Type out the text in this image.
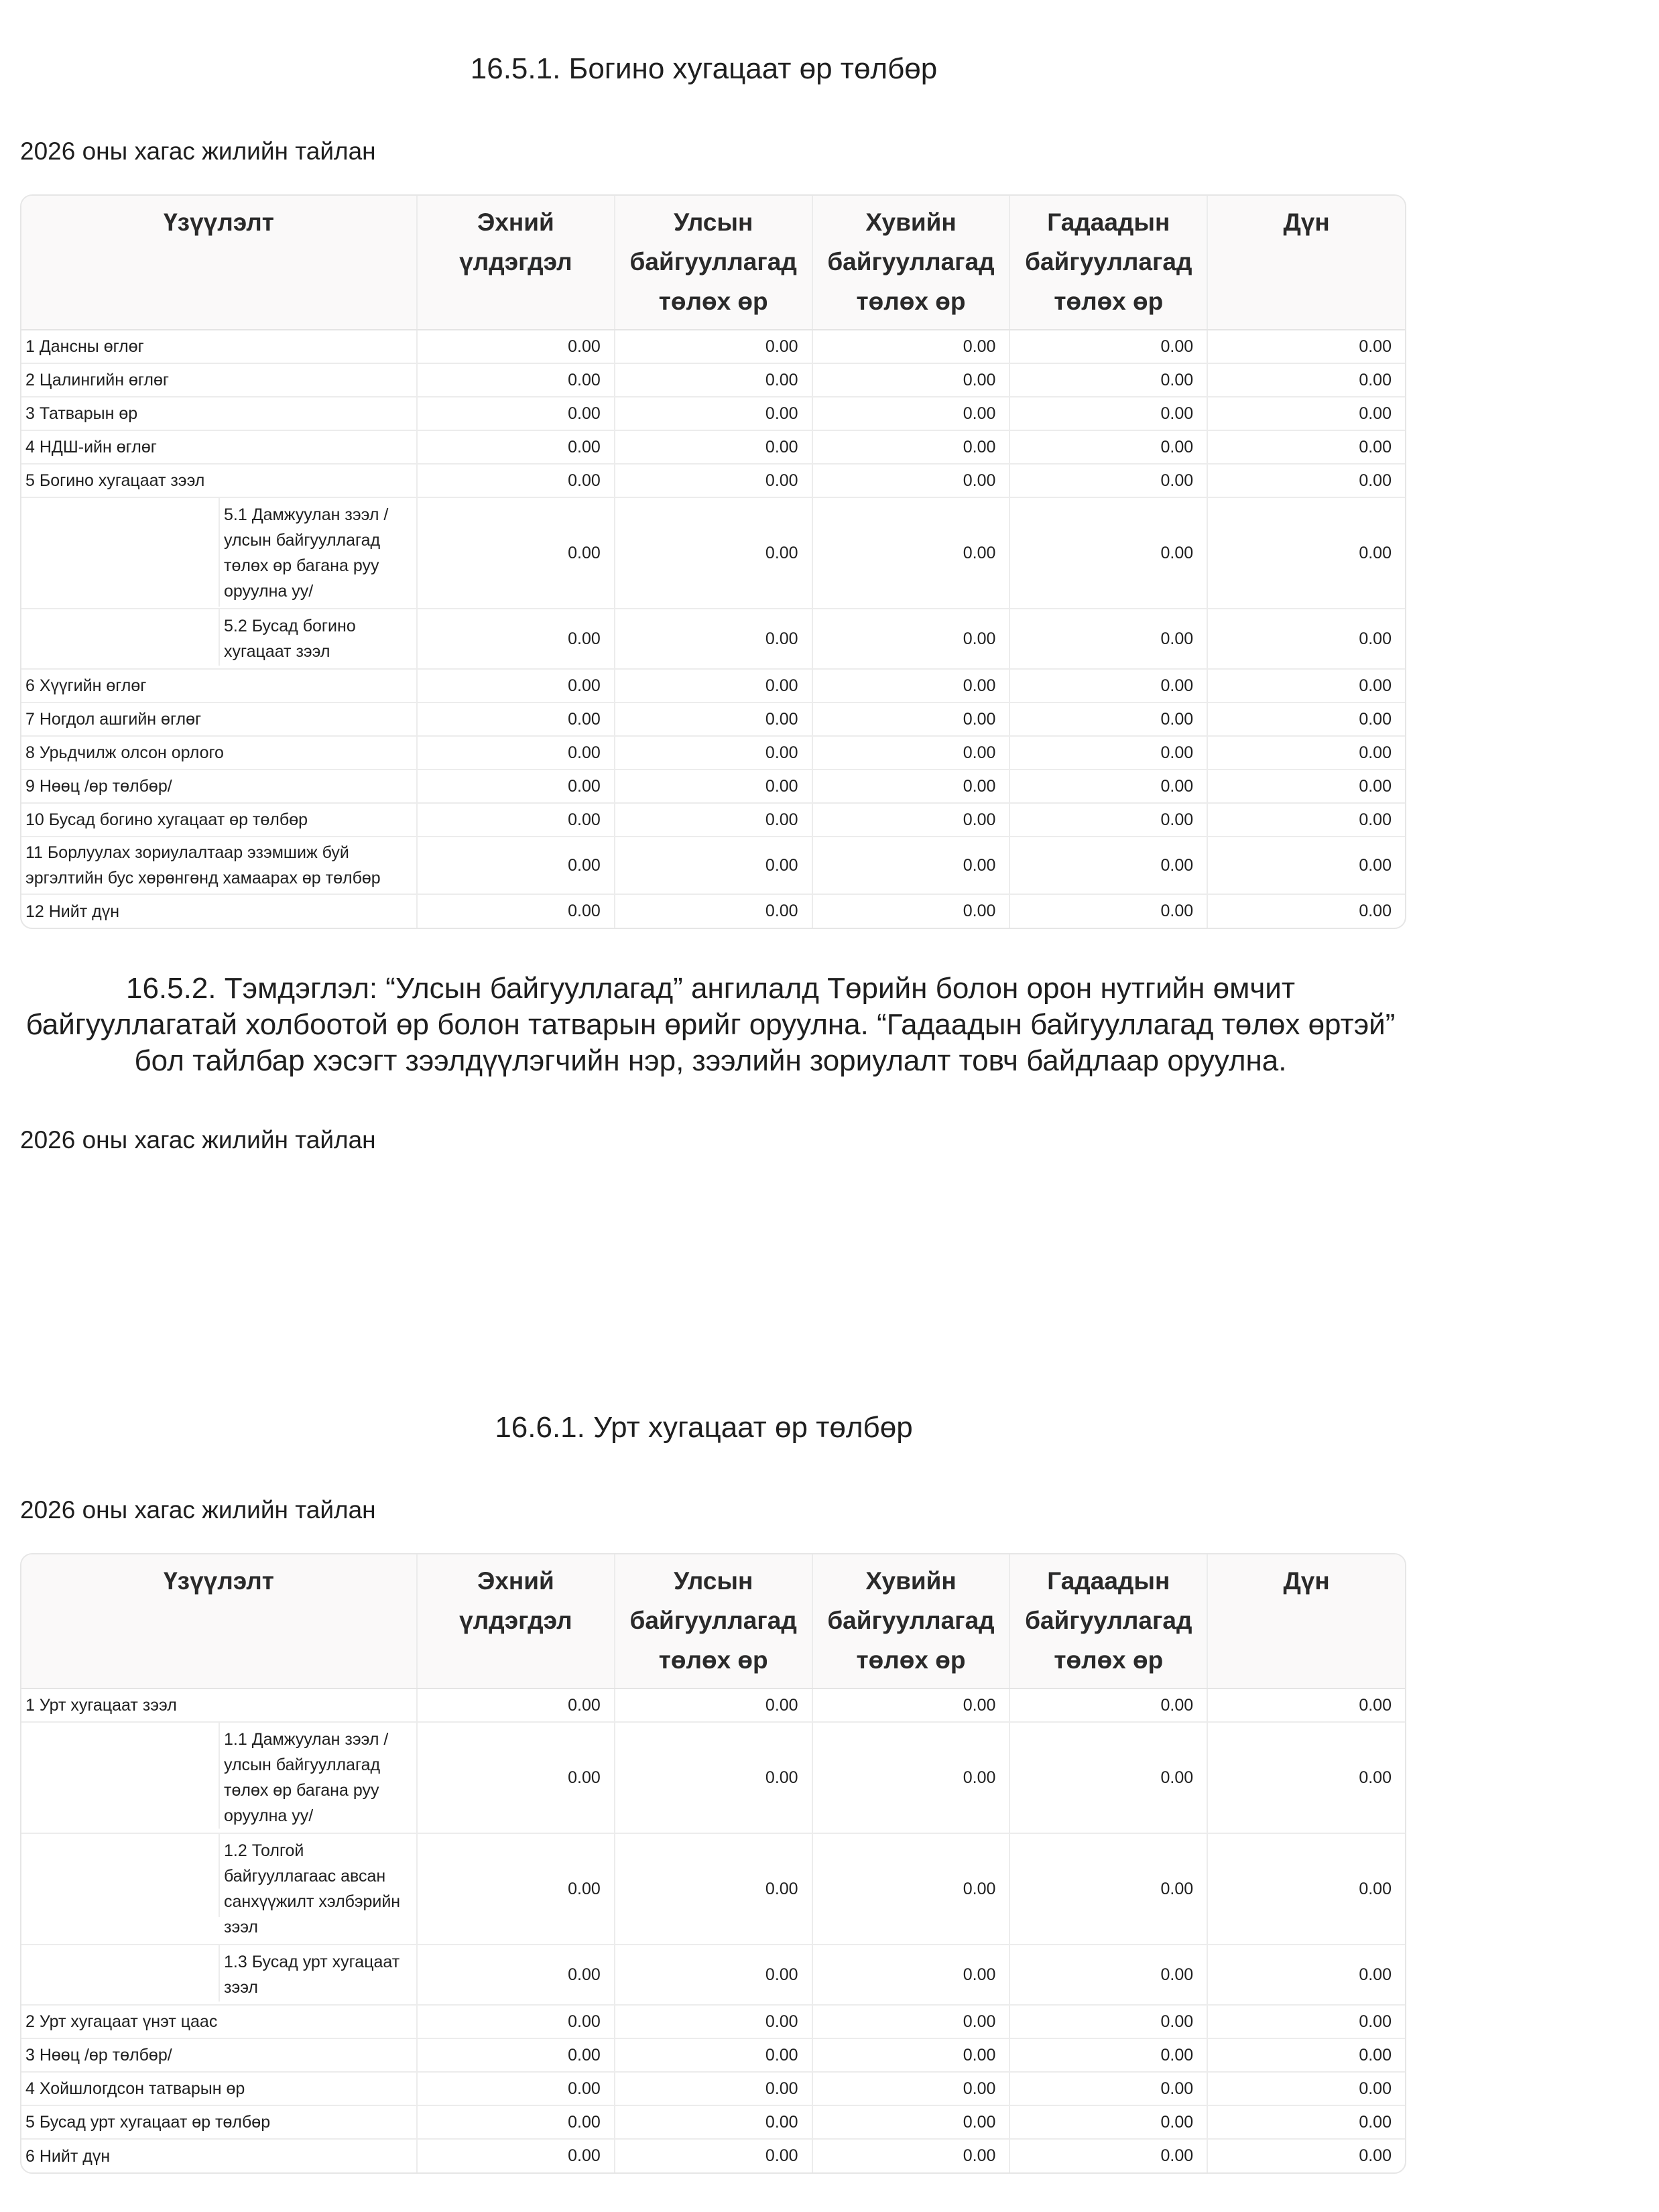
16.5.1. Богино хугацаат өр төлбөр
2026 оны хагас жилийн тайлан
Үзүүлэлт	Эхний үлдэгдэл	Улсын байгууллагад төлөх өр	Хувийн байгууллагад төлөх өр	Гадаадын байгууллагад төлөх өр	Дүн

1 Дансны өглөг	0.00	0.00	0.00	0.00	0.00

2 Цалингийн өглөг	0.00	0.00	0.00	0.00	0.00

3 Татварын өр	0.00	0.00	0.00	0.00	0.00

4 НДШ-ийн өглөг	0.00	0.00	0.00	0.00	0.00

5 Богино хугацаат зээл	0.00	0.00	0.00	0.00	0.00

5.1 Дамжуулан зээл / улсын байгууллагад төлөх өр багана руу оруулна уу/	0.00	0.00	0.00	0.00	0.00

5.2 Бусад богино хугацаат зээл	0.00	0.00	0.00	0.00	0.00

6 Хүүгийн өглөг	0.00	0.00	0.00	0.00	0.00

7 Ногдол ашгийн өглөг	0.00	0.00	0.00	0.00	0.00

8 Урьдчилж олсон орлого	0.00	0.00	0.00	0.00	0.00

9 Нөөц /өр төлбөр/	0.00	0.00	0.00	0.00	0.00

10 Бусад богино хугацаат өр төлбөр	0.00	0.00	0.00	0.00	0.00

11 Борлуулах зориулалтаар эзэмшиж буй эргэлтийн бус хөрөнгөнд хамаарах өр төлбөр	0.00	0.00	0.00	0.00	0.00

12 Нийт дүн	0.00	0.00	0.00	0.00	0.00
16.5.2. Тэмдэглэл: “Улсын байгууллагад” ангилалд Төрийн болон орон нутгийн өмчит байгууллагатай холбоотой өр болон татварын өрийг оруулна. “Гадаадын байгууллагад төлөх өртэй” бол тайлбар хэсэгт зээлдүүлэгчийн нэр, зээлийн зориулалт товч байдлаар оруулна.
2026 оны хагас жилийн тайлан
16.6.1. Урт хугацаат өр төлбөр
2026 оны хагас жилийн тайлан
Үзүүлэлт	Эхний үлдэгдэл	Улсын байгууллагад төлөх өр	Хувийн байгууллагад төлөх өр	Гадаадын байгууллагад төлөх өр	Дүн

1 Урт хугацаат зээл	0.00	0.00	0.00	0.00	0.00

1.1 Дамжуулан зээл / улсын байгууллагад төлөх өр багана руу оруулна уу/	0.00	0.00	0.00	0.00	0.00

1.2 Толгой байгууллагаас авсан санхүүжилт хэлбэрийн зээл	0.00	0.00	0.00	0.00	0.00

1.3 Бусад урт хугацаат зээл	0.00	0.00	0.00	0.00	0.00

2 Урт хугацаат үнэт цаас	0.00	0.00	0.00	0.00	0.00

3 Нөөц /өр төлбөр/	0.00	0.00	0.00	0.00	0.00

4 Хойшлогдсон татварын өр	0.00	0.00	0.00	0.00	0.00

5 Бусад урт хугацаат өр төлбөр	0.00	0.00	0.00	0.00	0.00

6 Нийт дүн	0.00	0.00	0.00	0.00	0.00
